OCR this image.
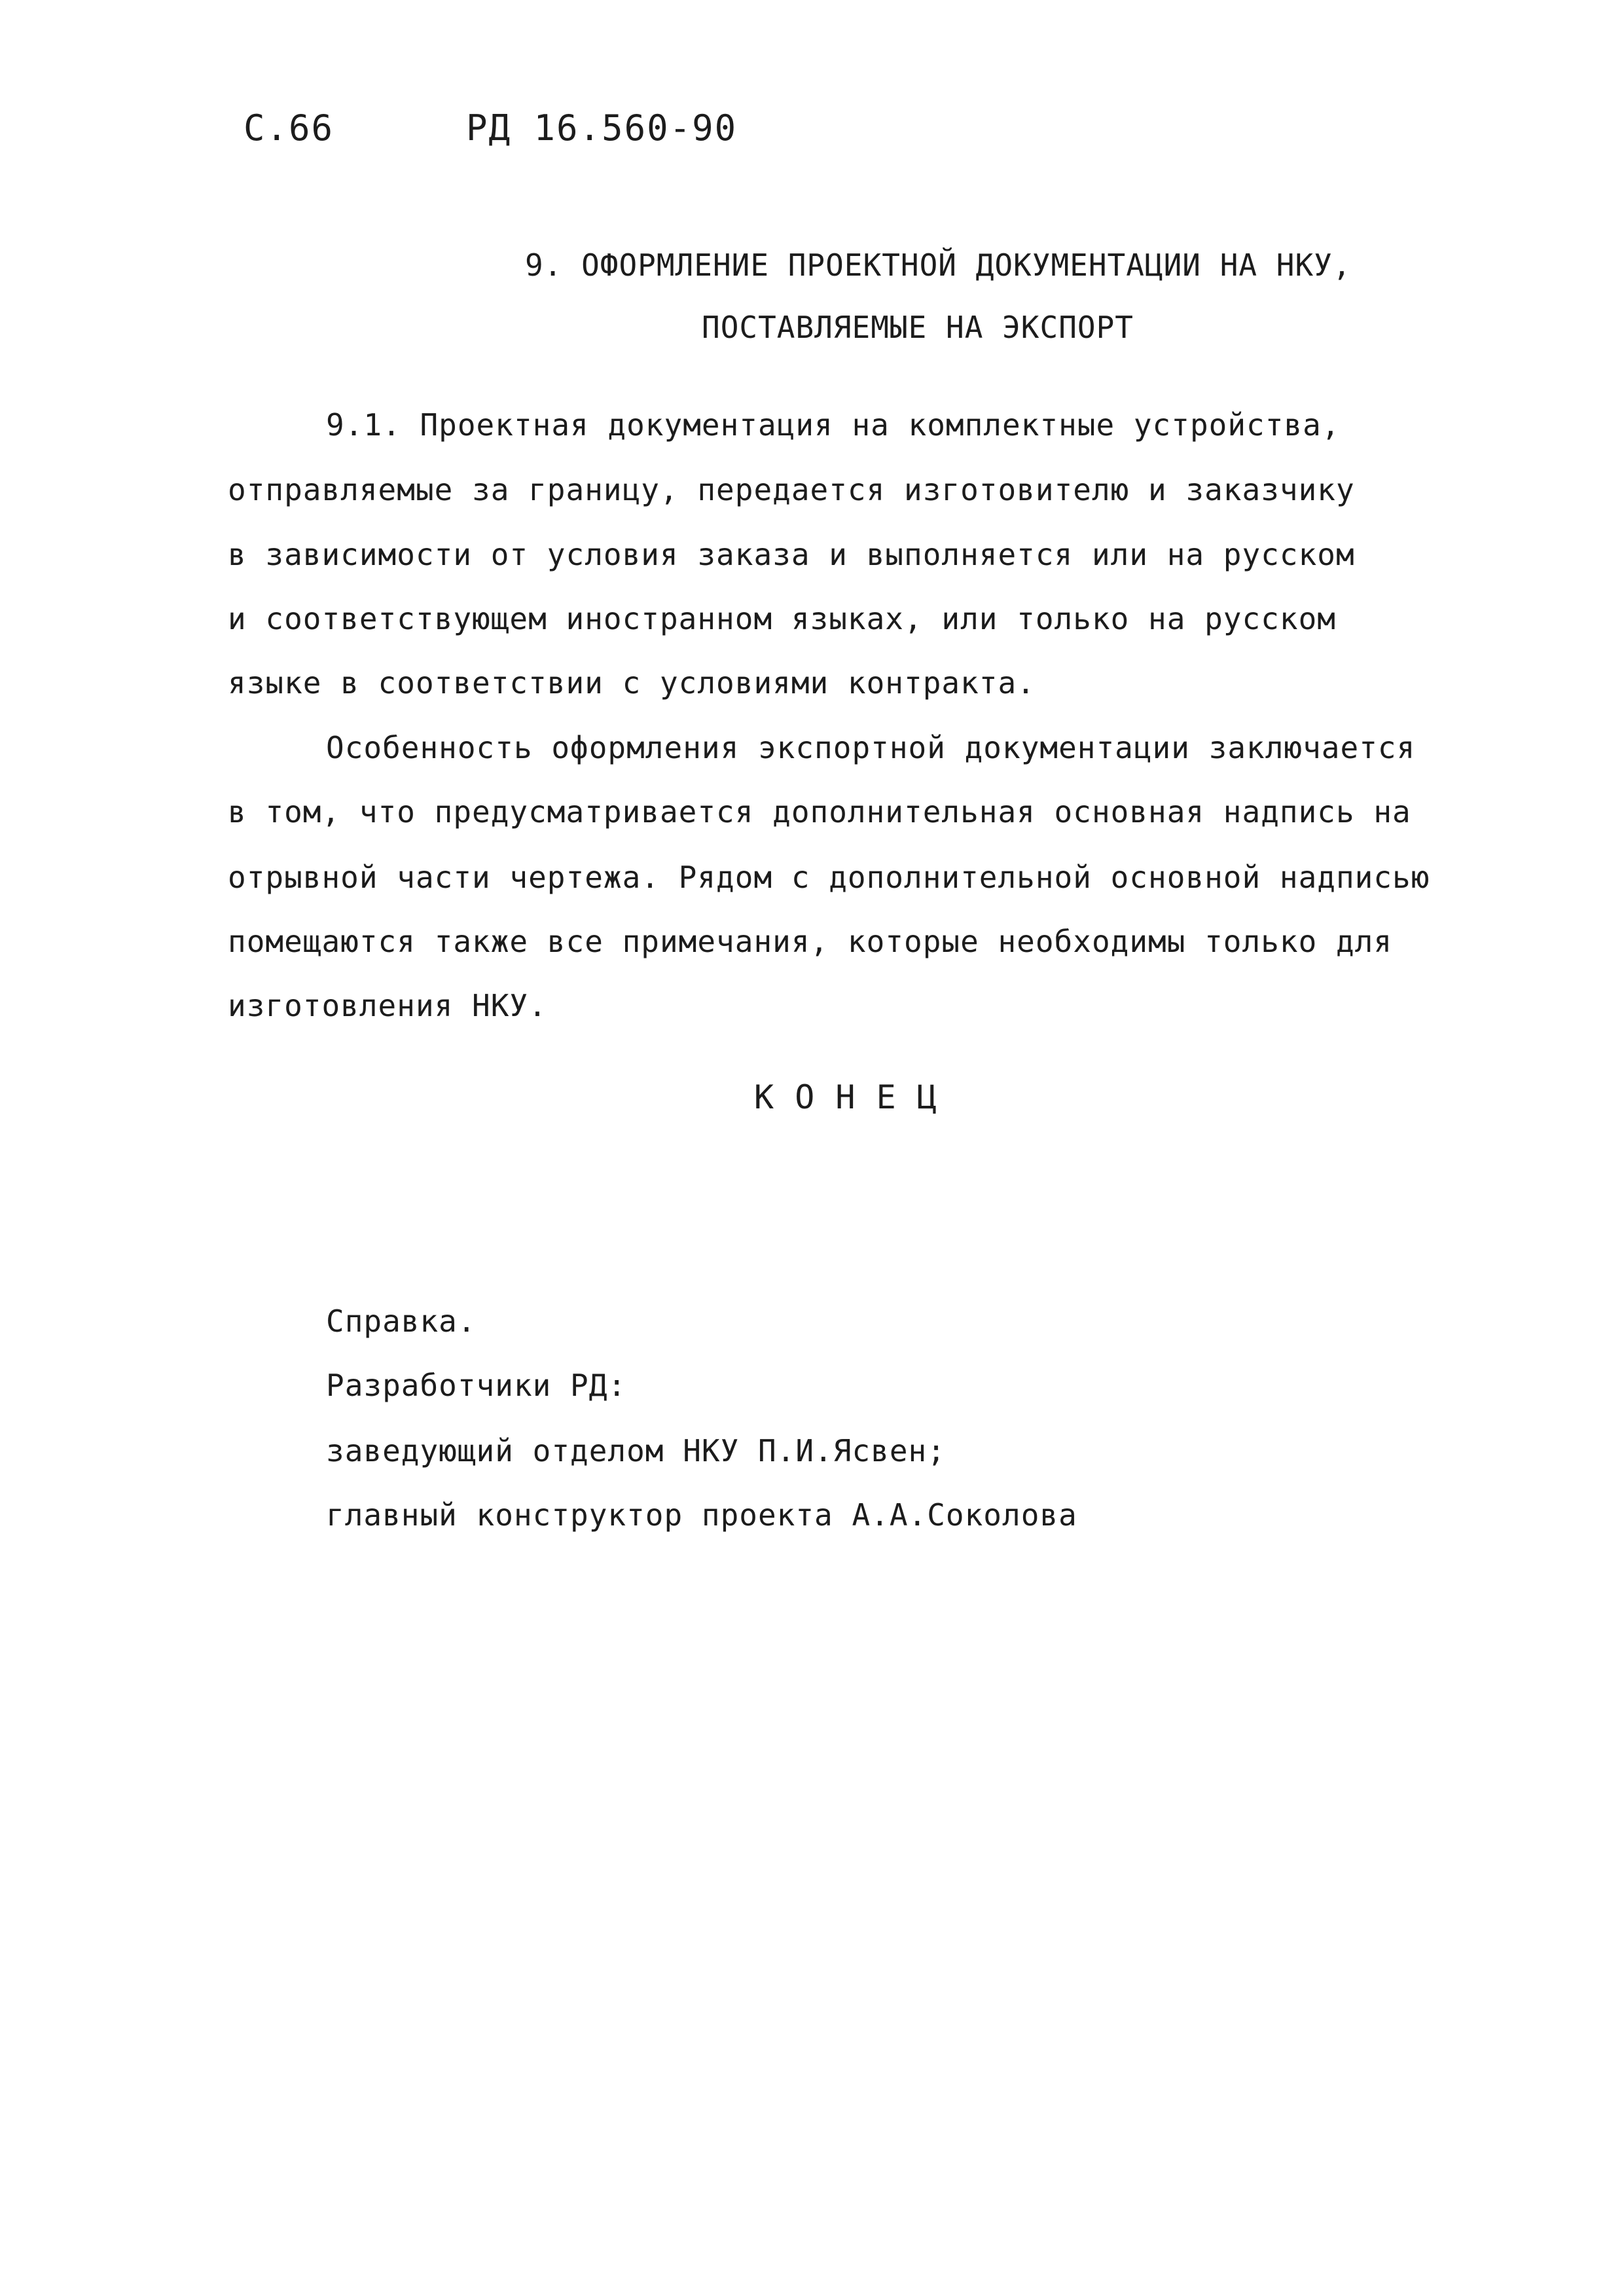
С.66	РД 16.560-90
9. ОФОРМЛЕНИЕ ПРОЕКТНОЙ ДОКУМЕНТАЦИИ НА НКУ,
ПОСТАВЛЯЕМЫЕ НА ЭКСПОРТ
9.1. Проектная документация на комплектные устройства,
отправляемые за границу, передается изготовителю и заказчику
в зависимости от условия заказа и выполняется или на русском
и соответствующем иностранном языках, или только на русском
языке в соответствии с условиями контракта.
Особенность оформления экспортной документации заключается
в том, что предусматривается дополнительная основная надпись на
отрывной части чертежа. Рядом с дополнительной основной надписью
помещаются также все примечания, которые необходимы только для
изготовления НКУ.
К О Н Е Ц
Справка.
Разработчики РД:
заведующий отделом НКУ П.И.Ясвен;
главный конструктор проекта А.А.Соколова
